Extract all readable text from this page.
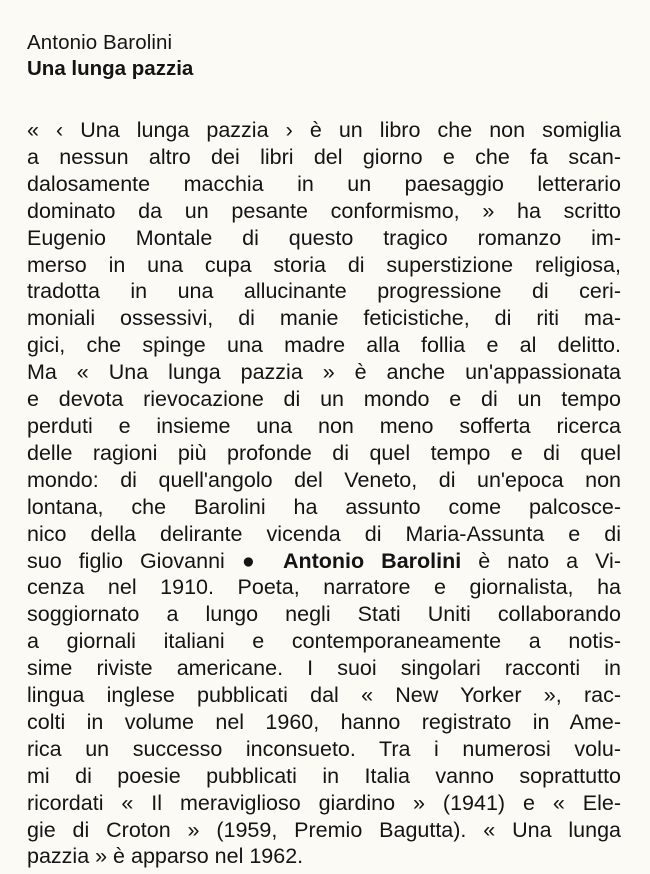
Antonio Barolini
Una lunga pazzia
« ‹ Una lunga pazzia › è un libro che non somiglia
a nessun altro dei libri del giorno e che fa scan-
dalosamente macchia in un paesaggio letterario
dominato da un pesante conformismo, » ha scritto
Eugenio Montale di questo tragico romanzo im-
merso in una cupa storia di superstizione religiosa,
tradotta in una allucinante progressione di ceri-
moniali ossessivi, di manie feticistiche, di riti ma-
gici, che spinge una madre alla follia e al delitto.
Ma « Una lunga pazzia » è anche un'appassionata
e devota rievocazione di un mondo e di un tempo
perduti e insieme una non meno sofferta ricerca
delle ragioni più profonde di quel tempo e di quel
mondo: di quell'angolo del Veneto, di un'epoca non
lontana, che Barolini ha assunto come palcosce-
nico della delirante vicenda di Maria-Assunta e di
suo figlio Giovanni ● Antonio Barolini è nato a Vi-
cenza nel 1910. Poeta, narratore e giornalista, ha
soggiornato a lungo negli Stati Uniti collaborando
a giornali italiani e contemporaneamente a notis-
sime riviste americane. I suoi singolari racconti in
lingua inglese pubblicati dal « New Yorker », rac-
colti in volume nel 1960, hanno registrato in Ame-
rica un successo inconsueto. Tra i numerosi volu-
mi di poesie pubblicati in Italia vanno soprattutto
ricordati « Il meraviglioso giardino » (1941) e « Ele-
gie di Croton » (1959, Premio Bagutta). « Una lunga
pazzia » è apparso nel 1962.
